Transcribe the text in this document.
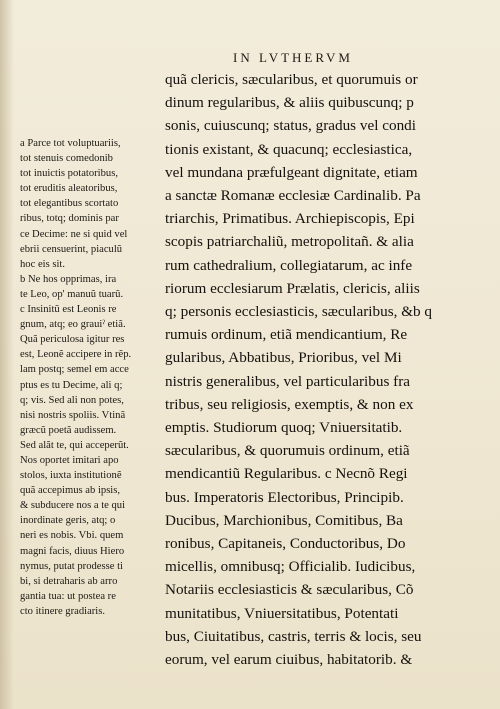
IN LVTHERVM
quã clericis, sæcularibus, et quorumuis or
dinum regularibus, & aliis quibuscunq; p
sonis, cuiuscunq; status, gradus vel condi
tionis existant, & quacunq; ecclesiastica,
vel mundana præfulgeant dignitate, etiam
a sanctæ Romanæ ecclesiæ Cardinalib. Pa
triarchis, Primatibus. Archiepiscopis, Epi
scopis patriarchaliũ, metropolitañ. & alia
rum cathedralium, collegiatarum, ac infe
riorum ecclesiarum Prælatis, clericis, aliis
q; personis ecclesiasticis, sæcularibus, &b q
rumuis ordinum, etiã mendicantium, Re
gularibus, Abbatibus, Prioribus, vel Mi
nistris generalibus, vel particularibus fra
tribus, seu religiosis, exemptis, & non ex
emptis. Studiorum quoq; Vniuersitatib.
sæcularibus, & quorumuis ordinum, etiã
mendicantiũ Regularibus. c Necnõ Regi
bus. Imperatoris Electoribus, Principib.
Ducibus, Marchionibus, Comitibus, Ba
ronibus, Capitaneis, Conductoribus, Do
micellis, omnibusq; Officialib. Iudicibus,
Notariis ecclesiasticis & sæcularibus, Cõ
munitatibus, Vniuersitatibus, Potentati
bus, Ciuitatibus, castris, terris & locis, seu
eorum, vel earum ciuibus, habitatorib. &
a Parce tot voluptuariis,
tot stenuis comedonib
tot inuictis potatoribus,
tot eruditis aleatoribus,
tot elegantibus scortato
ribus, totq; dominis par
ce Decime: ne si quid vel
ebrii censuerint, piaculũ
hoc eis sit.
b Ne hos opprimas, ira
te Leo, op' manuũ tuarũ.
c Insinitũ est Leonis re
gnum, atq; eo grauiˀ etiã.
Quã periculosa igitur res
est, Leonẽ accipere in rẽp.
lam postq; semel em acce
ptus es tu Decime, ali q;
q; vis. Sed ali non potes,
nisi nostris spoliis. Vtinã
græcũ poetã audissem.
Sed alãt te, qui acceperũt.
Nos oportet imitari apo
stolos, iuxta institutionẽ
quã accepimus ab ipsis,
& subducere nos a te qui
inordinate geris, atq; o
neri es nobis. Vbi. quem
magni facis, diuus Hiero
nymus, putat prodesse ti
bi, si detraharis ab arro
gantia tua: ut postea re
cto itinere gradiaris.
